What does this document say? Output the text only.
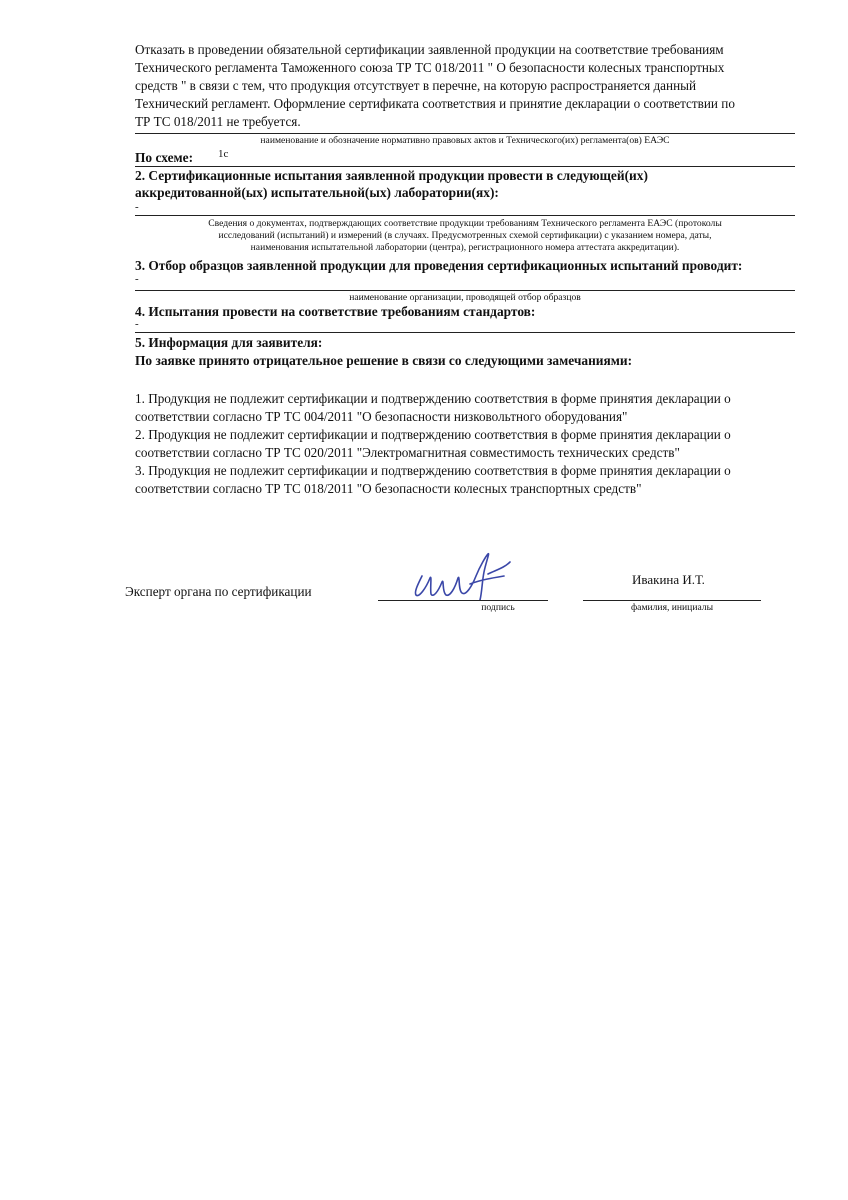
Отказать в проведении обязательной сертификации заявленной продукции на соответствие требованиям
Технического регламента Таможенного союза ТР ТС 018/2011 " О безопасности колесных транспортных
средств " в связи с тем, что продукция отсутствует в перечне, на которую распространяется данный
Технический регламент. Оформление сертификата соответствия и принятие декларации о соответствии по
ТР ТС 018/2011 не требуется.
наименование и обозначение нормативно правовых актов и Технического(их) регламента(ов) ЕАЭС
По схеме: 1с
2. Сертификационные испытания заявленной продукции провести в следующей(их)
аккредитованной(ых) испытательной(ых) лаборатории(ях):
-
Сведения о документах, подтверждающих соответствие продукции требованиям Технического регламента ЕАЭС (протоколы
исследований (испытаний) и измерений (в случаях. Предусмотренных схемой сертификации) с указанием номера, даты,
наименования испытательной лаборатории (центра), регистрационного номера аттестата аккредитации).
3. Отбор образцов заявленной продукции для проведения сертификационных испытаний проводит:
-
наименование организации, проводящей отбор образцов
4. Испытания провести на соответствие требованиям стандартов:
-
5. Информация для заявителя:
По заявке принято отрицательное решение в связи со следующими замечаниями:

1. Продукция не подлежит сертификации и подтверждению соответствия в форме принятия декларации о

соответствии согласно ТР ТС 004/2011 "О безопасности низковольтного оборудования"

2. Продукция не подлежит сертификации и подтверждению соответствия в форме принятия декларации о

соответствии согласно ТР ТС 020/2011 "Электромагнитная совместимость технических средств"

3. Продукция не подлежит сертификации и подтверждению соответствия в форме принятия декларации о

соответствии согласно ТР ТС 018/2011 "О безопасности колесных транспортных средств"

Эксперт органа по сертификации
подпись
Ивакина И.Т.
фамилия, инициалы
